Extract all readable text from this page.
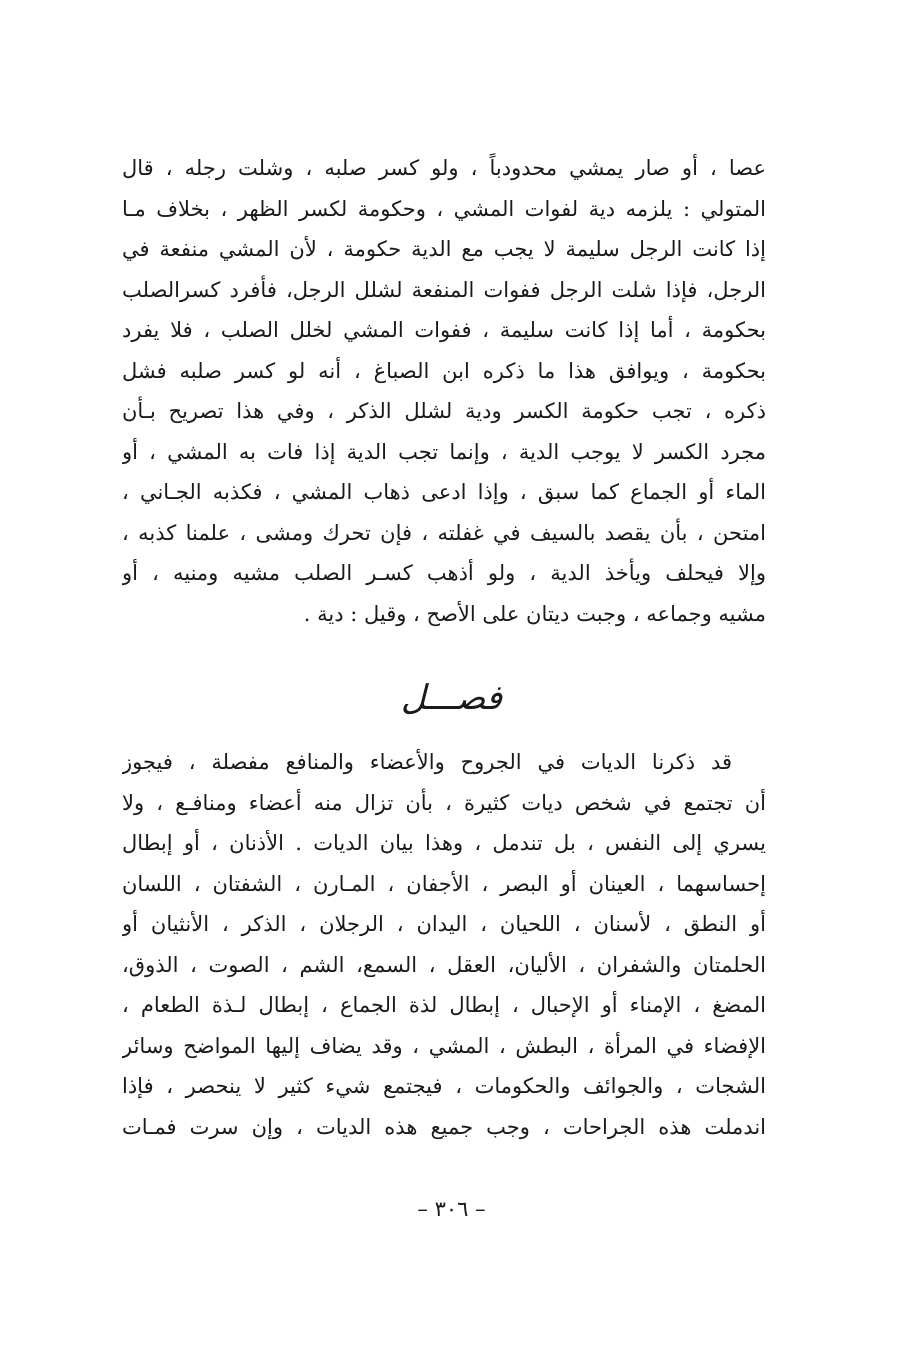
عصا ، أو صار يمشي محدودباً ، ولو كسر صلبه ، وشلت رجله ، قال
المتولي : يلزمه دية لفوات المشي ، وحكومة لكسر الظهر ، بخلاف مـا
إذا كانت الرجل سليمة لا يجب مع الدية حكومة ، لأن المشي منفعة في
الرجل، فإذا شلت الرجل ففوات المنفعة لشلل الرجل، فأفرد كسرالصلب
بحكومة ، أما إذا كانت سليمة ، ففوات المشي لخلل الصلب ، فلا يفرد
بحكومة ، ويوافق هذا ما ذكره ابن الصباغ ، أنه لو كسر صلبه فشل
ذكره ، تجب حكومة الكسر ودية لشلل الذكر ، وفي هذا تصريح بـأن
مجرد الكسر لا يوجب الدية ، وإنما تجب الدية إذا فات به المشي ، أو
الماء أو الجماع كما سبق ، وإذا ادعى ذهاب المشي ، فكذبه الجـاني ،
امتحن ، بأن يقصد بالسيف في غفلته ، فإن تحرك ومشى ، علمنا كذبه ،
وإلا فيحلف ويأخذ الدية ، ولو أذهب كسـر الصلب مشيه ومنيه ، أو
مشيه وجماعه ، وجبت ديتان على الأصح ، وقيل : دية .
فصـــل
قد ذكرنا الديات في الجروح والأعضاء والمنافع مفصلة ، فيجوز
أن تجتمع في شخص ديات كثيرة ، بأن تزال منه أعضاء ومنافـع ، ولا
يسري إلى النفس ، بل تندمل ، وهذا بيان الديات . الأذنان ، أو إبطال
إحساسهما ، العينان أو البصر ، الأجفان ، المـارن ، الشفتان ، اللسان
أو النطق ، لأسنان ، اللحيان ، اليدان ، الرجلان ، الذكر ، الأنثيان أو
الحلمتان والشفران ، الأليان، العقل ، السمع، الشم ، الصوت ، الذوق،
المضغ ، الإمناء أو الإحبال ، إبطال لذة الجماع ، إبطال لـذة الطعام ،
الإفضاء في المرأة ، البطش ، المشي ، وقد يضاف إليها المواضح وسائر
الشجات ، والجوائف والحكومات ، فيجتمع شيء كثير لا ينحصر ، فإذا
اندملت هذه الجراحات ، وجب جميع هذه الديات ، وإن سرت فمـات
– ٣٠٦ –
